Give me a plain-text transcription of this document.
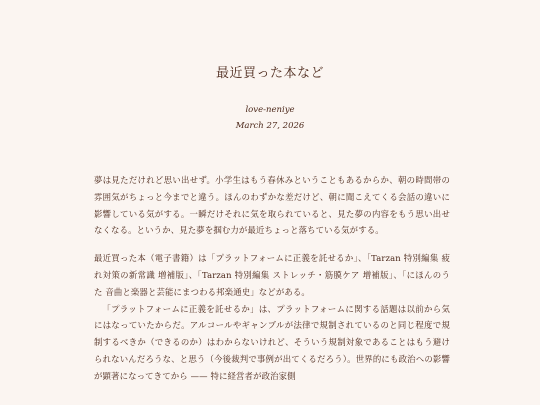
最近買った本など
love-neniye
March 27, 2026

夢は見ただけれど思い出せず。小学生はもう春休みということもあるからか、朝の時間帯の雰囲気がちょっと今までと違う。ほんのわずかな差だけど、朝に聞こえてくる会話の違いに影響している気がする。一瞬だけそれに気を取られていると、見た夢の内容をもう思い出せなくなる。というか、見た夢を掴む力が最近ちょっと落ちている気がする。

最近買った本（電子書籍）は「プラットフォームに正義を託せるか」、「Tarzan 特別編集 疲れ対策の新常識 増補版」、「Tarzan 特別編集 ストレッチ・筋膜ケア 増補版」、「にほんのうた 音曲と楽器と芸能にまつわる邦楽通史」などがある。

「プラットフォームに正義を託せるか」は、プラットフォームに関する話題は以前から気にはなっていたからだ。アルコールやギャンブルが法律で規制されているのと同じ程度で規制するべきか（できるのか）はわからないけれど、そういう規制対象であることはもう避けられないんだろうな、と思う（今後裁判で事例が出てくるだろう）。世界的にも政治への影響が顕著になってきてから —— 特に経営者が政治家側
